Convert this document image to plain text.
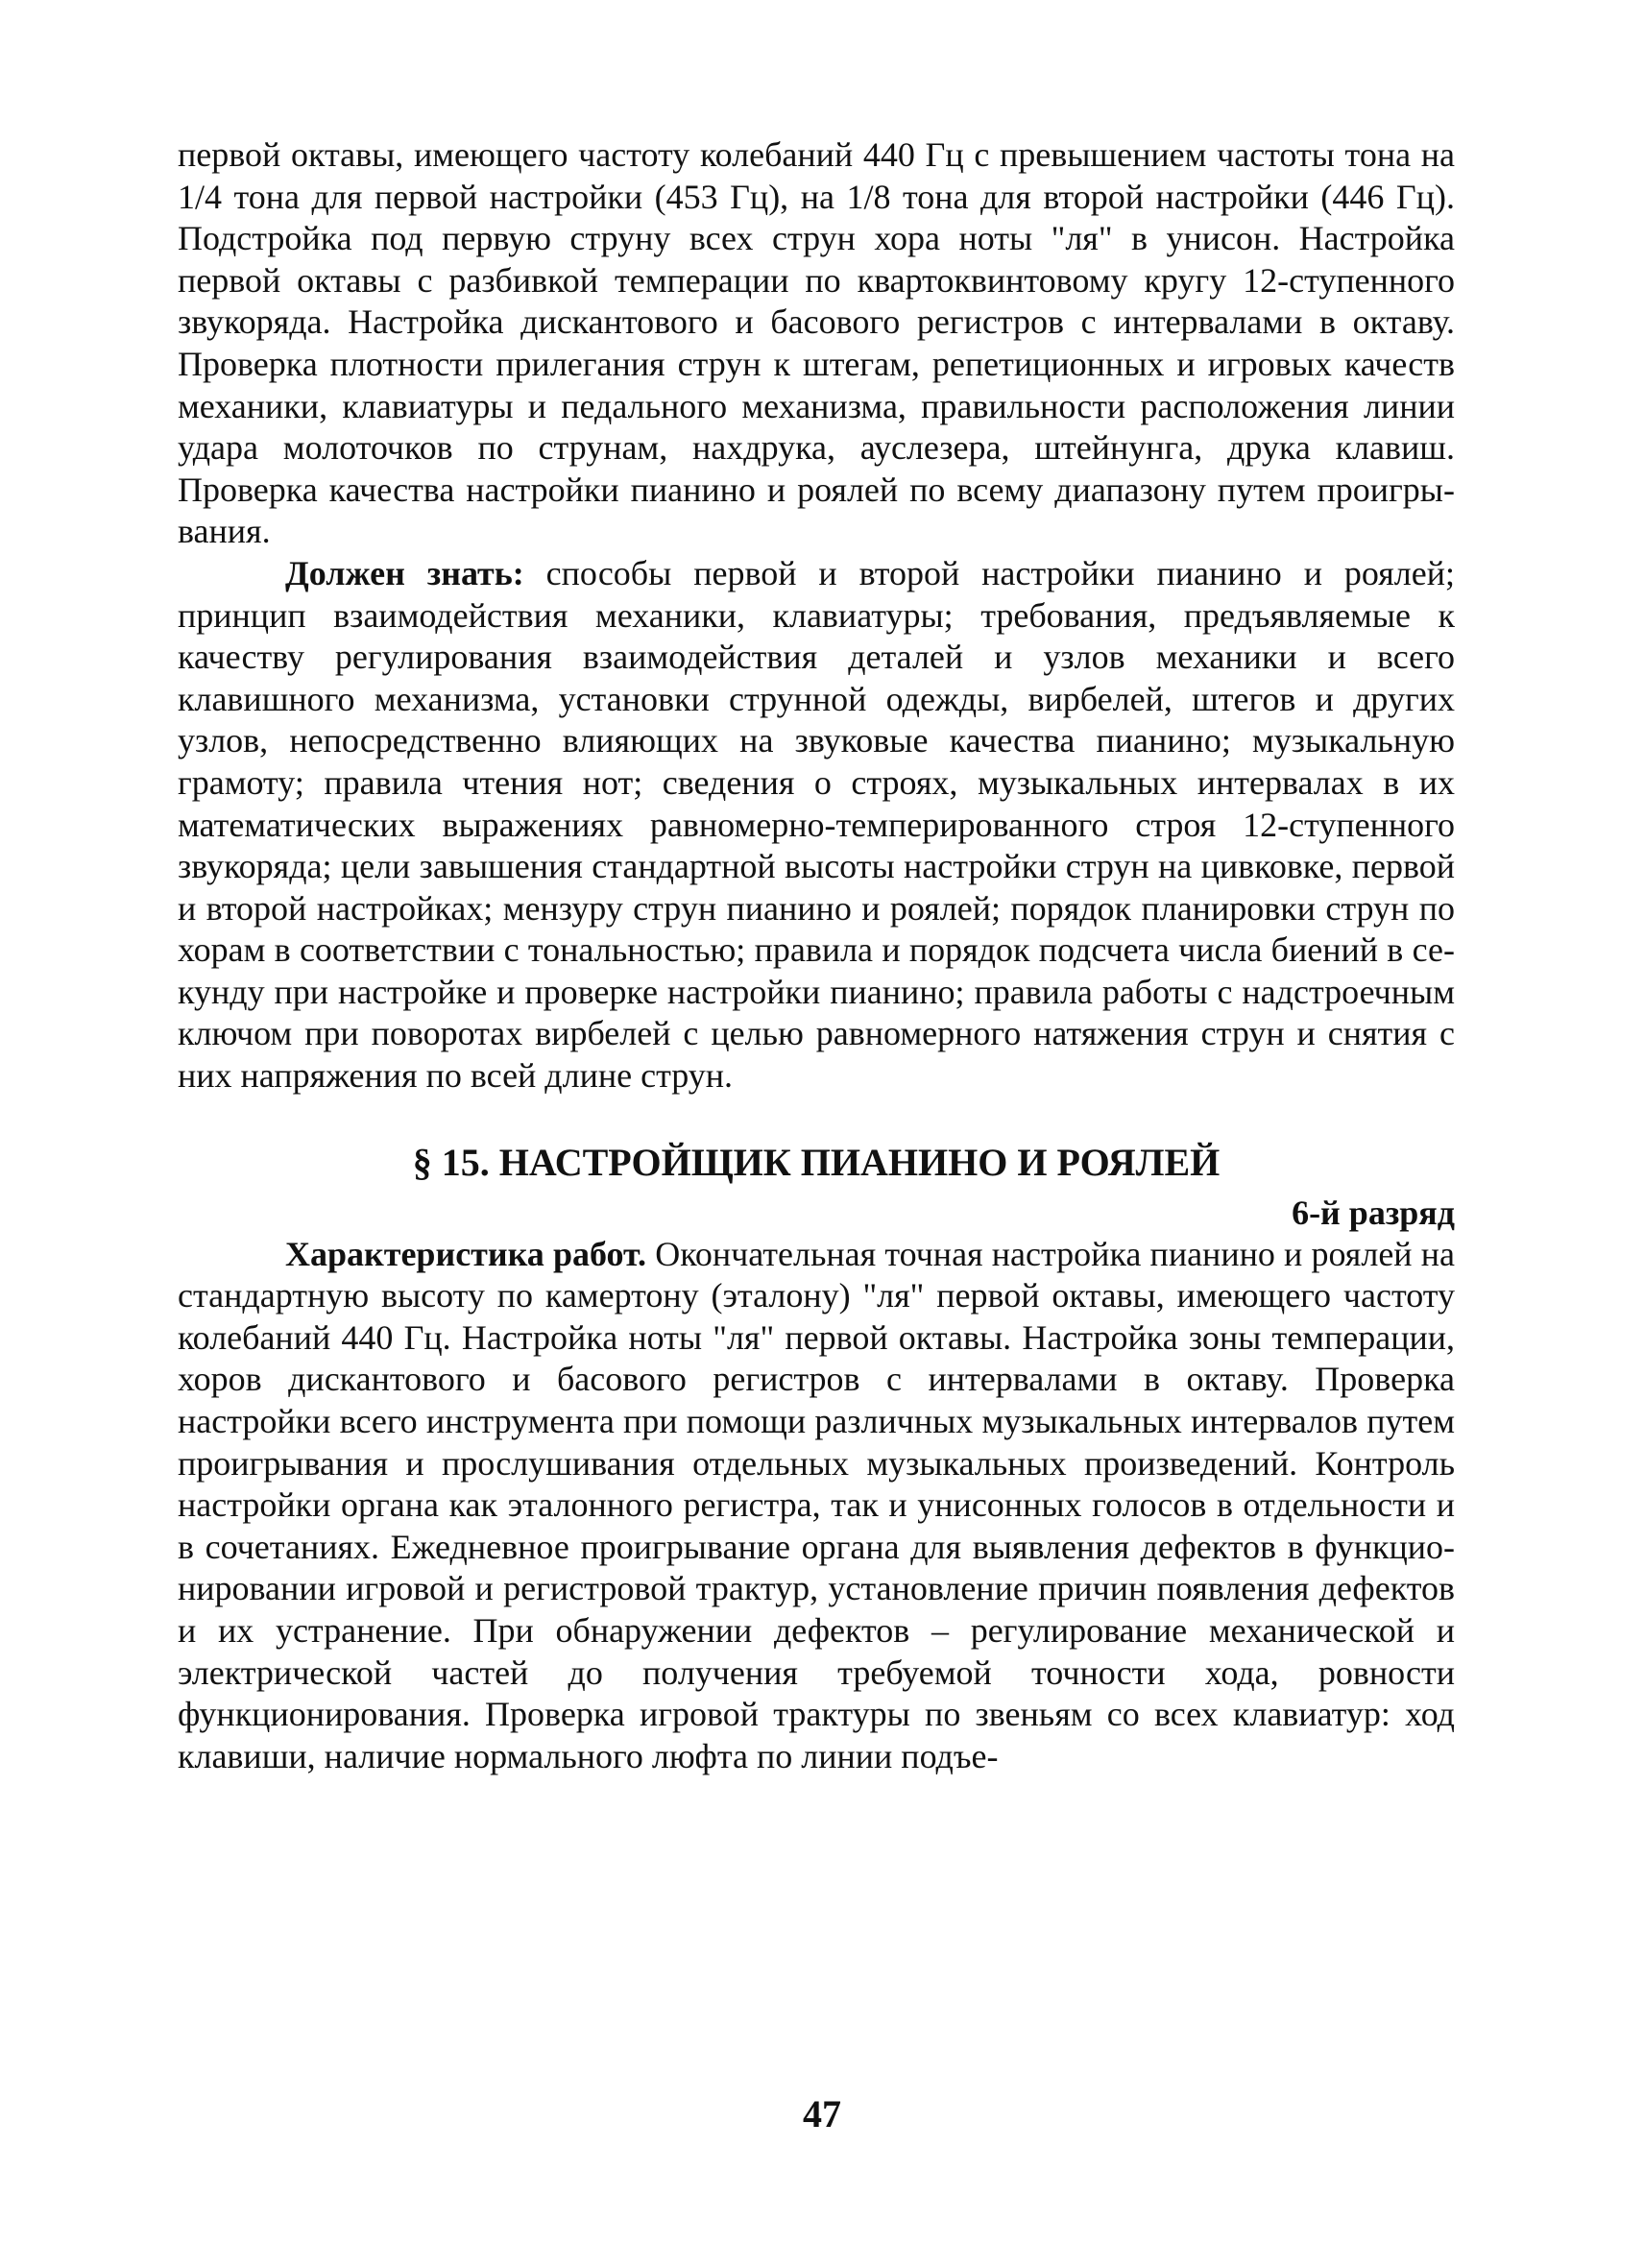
первой октавы, имеющего частоту колебаний 440 Гц с превышением частоты тона на 1/4 тона для первой настройки (453 Гц), на 1/8 тона для второй настройки (446 Гц). Подстройка под первую струну всех струн хора ноты "ля" в унисон. Настройка первой октавы с разбивкой темперации по квартоквинтовому кругу 12-ступенного звукоряда. Настройка дискантового и басового регистров с интервалами в октаву. Проверка плотности прилегания струн к штегам, репетиционных и игровых качеств механики, клавиатуры и педального механизма, правильности расположения линии удара молоточков по струнам, нахдрука, ауслезера, штейнунга, друка клавиш. Проверка качества настройки пианино и роялей по всему диапазону путем проигрывания.

Должен знать: способы первой и второй настройки пианино и роялей; принцип взаимодействия механики, клавиатуры; требования, предъявляемые к качеству регулирования взаимодействия деталей и узлов механики и всего клавишного механизма, установки струнной одежды, вирбелей, штегов и других узлов, непосредственно влияющих на звуковые качества пианино; музыкальную грамоту; правила чтения нот; сведения о строях, музыкальных интервалах в их математических выражениях равномерно-темперированного строя 12-ступенного звукоряда; цели завышения стандартной высоты настройки струн на цивковке, первой и второй настройках; мензуру струн пианино и роялей; порядок планировки струн по хорам в соответствии с тональностью; правила и порядок подсчета числа биений в секунду при настройке и проверке настройки пианино; правила работы с надстроечным ключом при поворотах вирбелей с целью равномерного натяжения струн и снятия с них напряжения по всей длине струн.

§ 15. НАСТРОЙЩИК ПИАНИНО И РОЯЛЕЙ
6-й разряд

Характеристика работ. Окончательная точная настройка пианино и роялей на стандартную высоту по камертону (эталону) "ля" первой октавы, имеющего частоту колебаний 440 Гц. Настройка ноты "ля" первой октавы. Настройка зоны темперации, хоров дискантового и басового регистров с интервалами в октаву. Проверка настройки всего инструмента при помощи различных музыкальных интервалов путем проигрывания и прослушивания отдельных музыкальных произведений. Контроль настройки органа как эталонного регистра, так и унисонных голосов в отдельности и в сочетаниях. Ежедневное проигрывание органа для выявления дефектов в функционировании игровой и регистровой трактур, установление причин появления дефектов и их устранение. При обнаружении дефектов – регулирование механической и электрической частей до получения требуемой точности хода, ровности функционирования. Проверка игровой трактуры по звеньям со всех клавиатур: ход клавиши, наличие нормального люфта по линии подъе-

47
